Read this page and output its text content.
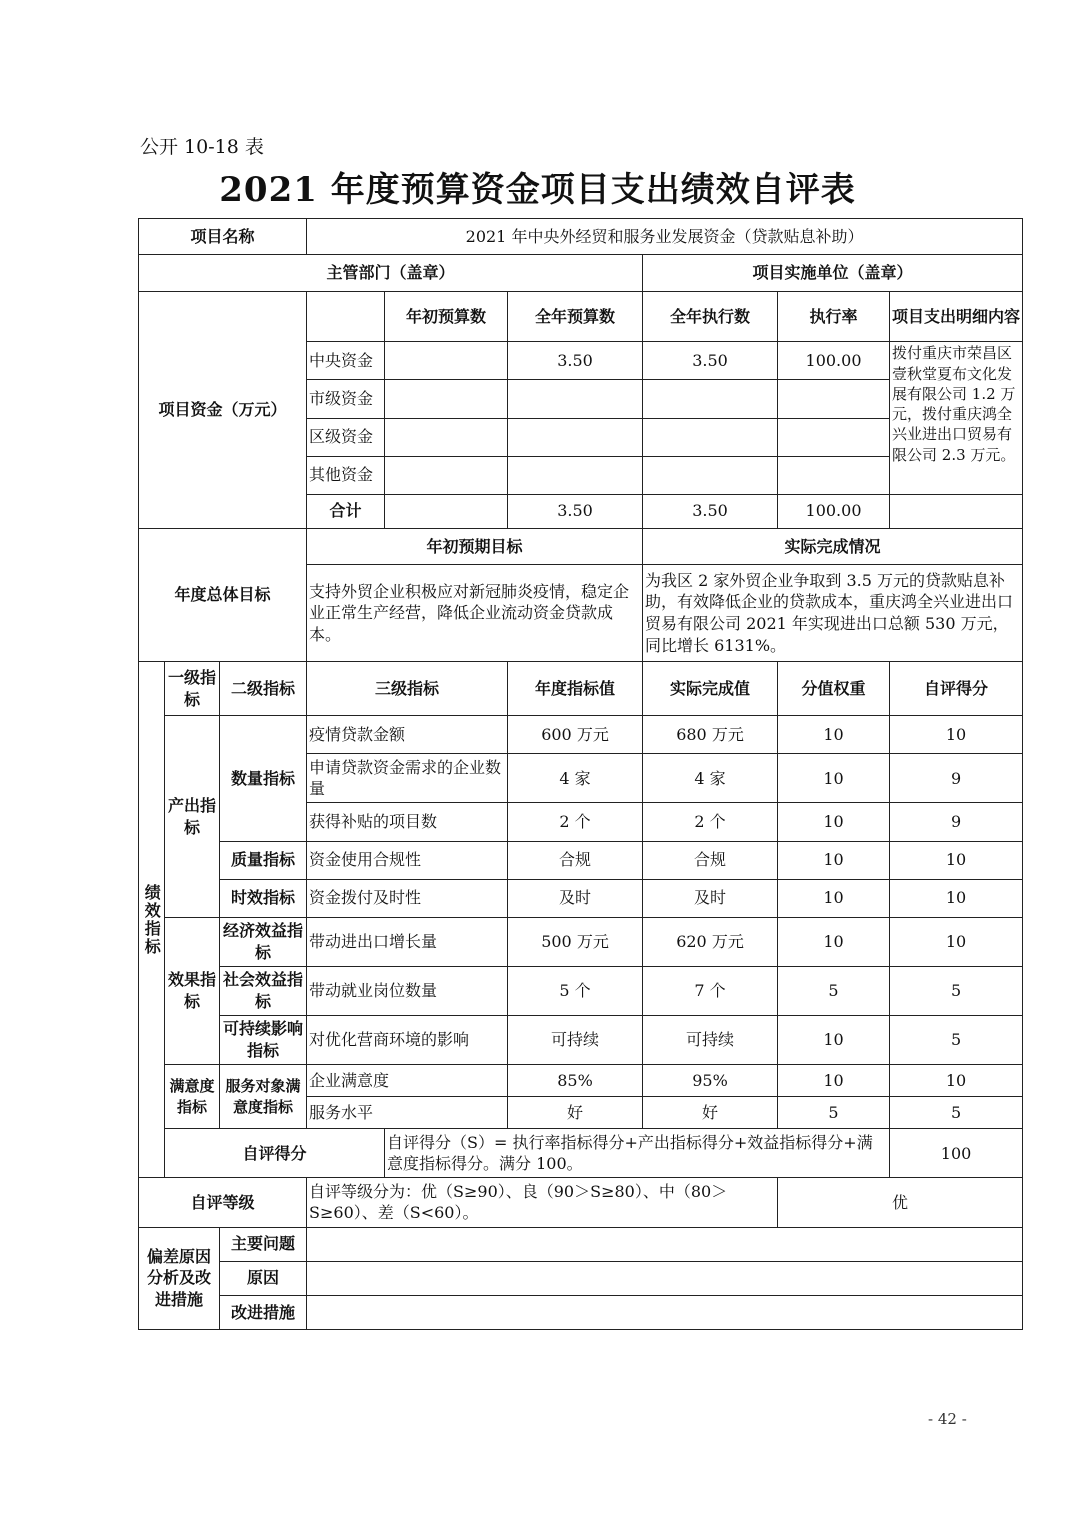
公开 10-18 表
2021 年度预算资金项目支出绩效自评表
项目名称			2021 年中央外经贸和服务业发展资金（贷款贴息补助）						
主管部门（盖章）						项目实施单位（盖章）			
项目资金（万元）				年初预算数	全年预算数	全年执行数	执行率	项目支出明细内容	
			中央资金		3.50	3.50	100.00	拨付重庆市荣昌区壹秋堂夏布文化发展有限公司 1.2 万元，拨付重庆鸿全兴业进出口贸易有限公司 2.3 万元。	
			市级资金						
			区级资金						
			其他资金						
			合计		3.50	3.50	100.00		
年度总体目标			年初预期目标			实际完成情况			
			支持外贸企业积极应对新冠肺炎疫情，稳定企业正常生产经营，降低企业流动资金贷款成本。			为我区 2 家外贸企业争取到 3.5 万元的贷款贴息补助，有效降低企业的贷款成本，重庆鸿全兴业进出口贸易有限公司 2021 年实现进出口总额 530 万元，同比增长 6131%。			
绩效指标	一级指标	二级指标	三级指标		年度指标值	实际完成值	分值权重	自评得分	
	产出指标	数量指标	疫情贷款金额		600 万元	680 万元	10	10	
			申请贷款资金需求的企业数量		4 家	4 家	10	9	
			获得补贴的项目数		2 个	2 个	10	9	
		质量指标	资金使用合规性		合规	合规	10	10	
		时效指标	资金拨付及时性		及时	及时	10	10	
	效果指标	经济效益指标	带动进出口增长量		500 万元	620 万元	10	10	
		社会效益指标	带动就业岗位数量		5 个	7 个	5	5	
		可持续影响指标	对优化营商环境的影响		可持续	可持续	10	5	
	满意度指标	服务对象满意度指标	企业满意度		85%	95%	10	10	
			服务水平		好	好	5	5	
	自评得分			自评得分（S）= 执行率指标得分+产出指标得分+效益指标得分+满意度指标得分。满分 100。				100	
自评等级			自评等级分为：优（S≥90）、良（90＞S≥80）、中（80＞S≥60）、差（S<60）。				优		
偏差原因分析及改进措施		主要问题							
		原因							
		改进措施							
- 42 -
